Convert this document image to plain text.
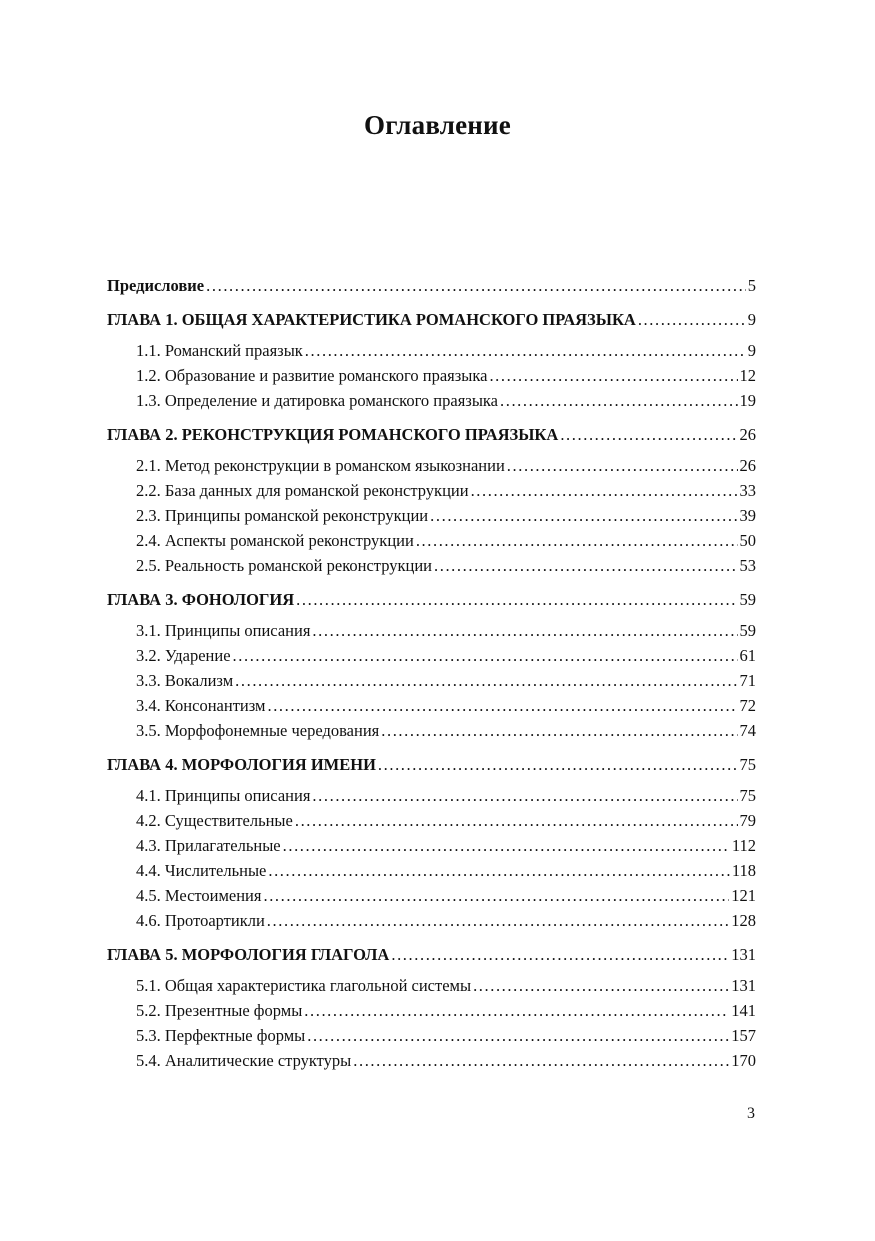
Оглавление
Предисловие .....	5
ГЛАВА 1. ОБЩАЯ ХАРАКТЕРИСТИКА РОМАНСКОГО ПРАЯЗЫКА .....	9
1.1. Романский праязык .....	9
1.2. Образование и развитие романского праязыка .....	12
1.3. Определение и датировка романского праязыка .....	19
ГЛАВА 2. РЕКОНСТРУКЦИЯ РОМАНСКОГО ПРАЯЗЫКА .....	26
2.1. Метод реконструкции в романском языкознании .....	26
2.2. База данных для романской реконструкции .....	33
2.3. Принципы романской реконструкции .....	39
2.4. Аспекты романской реконструкции .....	50
2.5. Реальность романской реконструкции .....	53
ГЛАВА 3. ФОНОЛОГИЯ .....	59
3.1. Принципы описания .....	59
3.2. Ударение .....	61
3.3. Вокализм .....	71
3.4. Консонантизм .....	72
3.5. Морфофонемные чередования .....	74
ГЛАВА 4. МОРФОЛОГИЯ ИМЕНИ .....	75
4.1. Принципы описания .....	75
4.2. Существительные .....	79
4.3. Прилагательные .....	112
4.4. Числительные .....	118
4.5. Местоимения .....	121
4.6. Протоартикли .....	128
ГЛАВА 5. МОРФОЛОГИЯ ГЛАГОЛА .....	131
5.1. Общая характеристика глагольной системы .....	131
5.2. Презентные формы .....	141
5.3. Перфектные формы .....	157
5.4. Аналитические структуры .....	170
3
